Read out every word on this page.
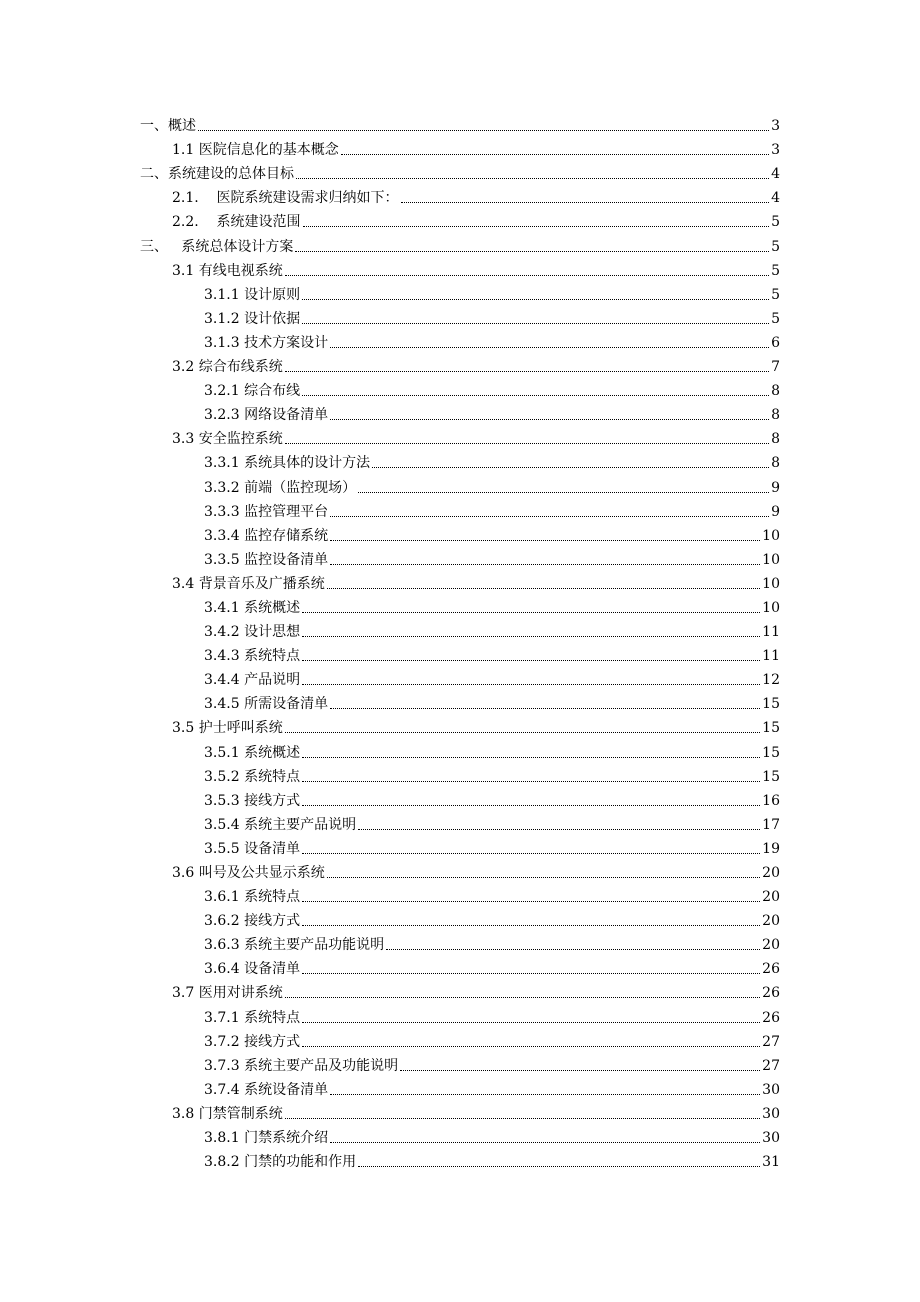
一、概述	3
1.1 医院信息化的基本概念	3
二、系统建设的总体目标	4
2.1.    医院系统建设需求归纳如下：	4
2.2.    系统建设范围	5
三、   系统总体设计方案	5
3.1 有线电视系统	5
3.1.1 设计原则	5
3.1.2 设计依据	5
3.1.3 技术方案设计	6
3.2 综合布线系统	7
3.2.1 综合布线	8
3.2.3 网络设备清单	8
3.3 安全监控系统	8
3.3.1 系统具体的设计方法	8
3.3.2 前端（监控现场）	9
3.3.3 监控管理平台	9
3.3.4 监控存储系统	10
3.3.5 监控设备清单	10
3.4 背景音乐及广播系统	10
3.4.1 系统概述	10
3.4.2 设计思想	11
3.4.3 系统特点	11
3.4.4 产品说明	12
3.4.5 所需设备清单	15
3.5 护士呼叫系统	15
3.5.1 系统概述	15
3.5.2 系统特点	15
3.5.3 接线方式	16
3.5.4 系统主要产品说明	17
3.5.5 设备清单	19
3.6 叫号及公共显示系统	20
3.6.1 系统特点	20
3.6.2 接线方式	20
3.6.3 系统主要产品功能说明	20
3.6.4 设备清单	26
3.7 医用对讲系统	26
3.7.1 系统特点	26
3.7.2 接线方式	27
3.7.3 系统主要产品及功能说明	27
3.7.4 系统设备清单	30
3.8 门禁管制系统	30
3.8.1 门禁系统介绍	30
3.8.2 门禁的功能和作用	31
